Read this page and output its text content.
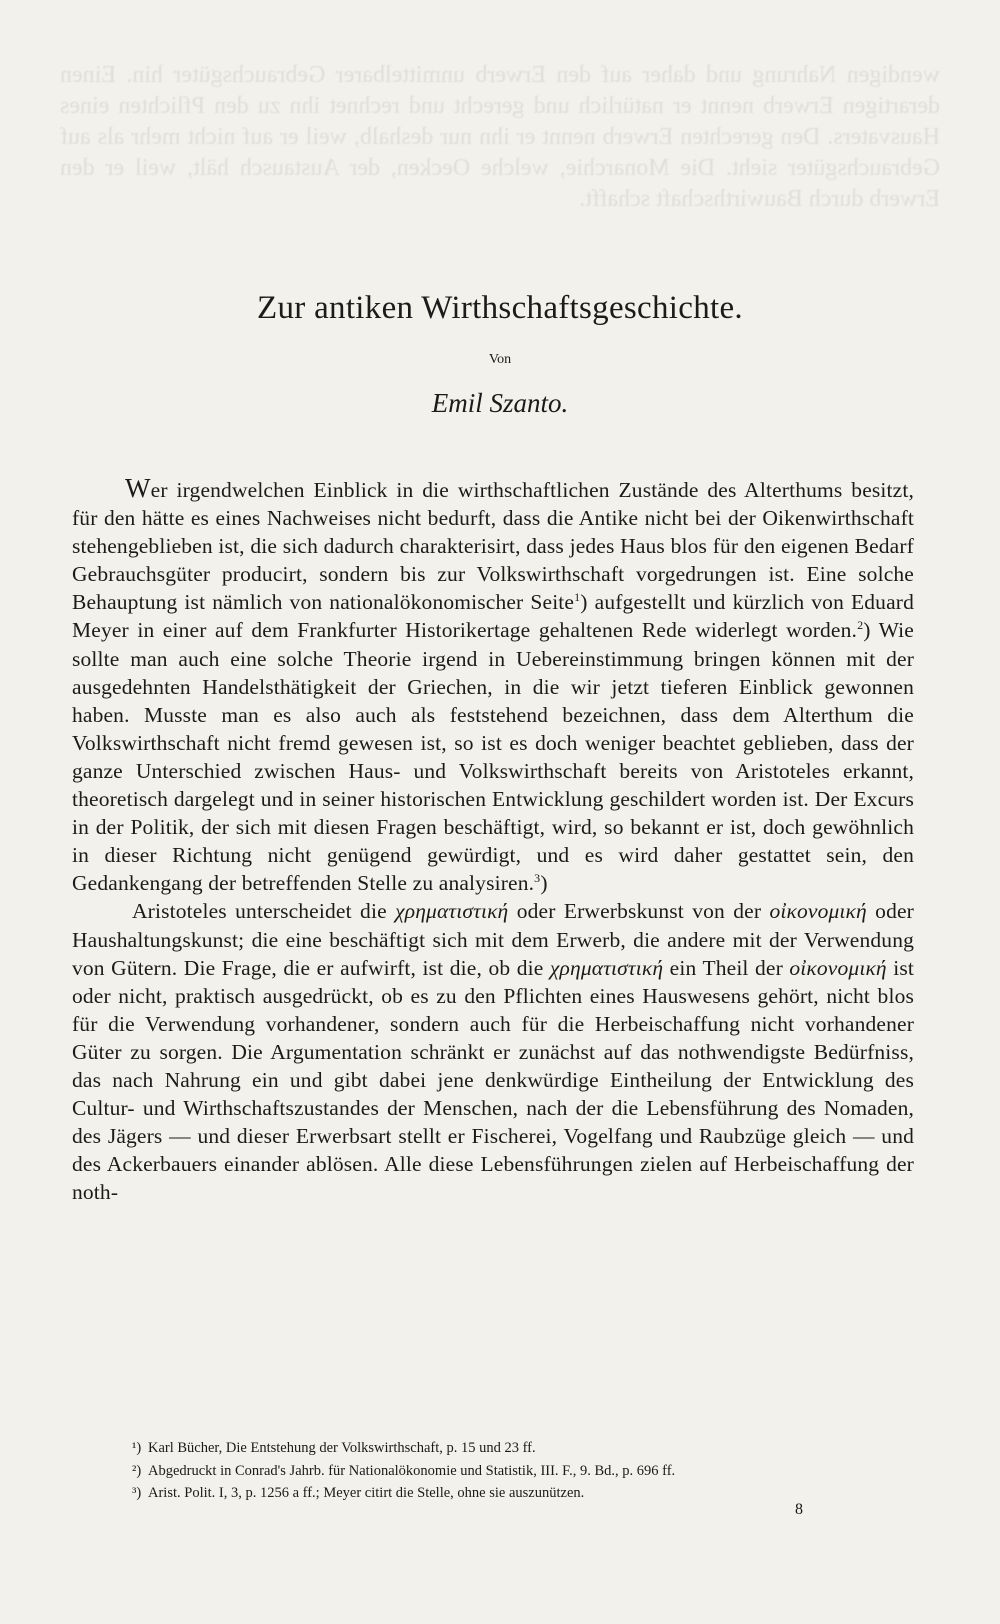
wendigen Nahrung und daher auf den Erwerb unmittelbarer Gebrauchsgüter hin. Einen derartigen Erwerb nennt er natürlich und gerecht und rechnet ihn zu den Pflichten eines Hausvaters. Den gerechten Erwerb nennt er ihn nur deshalb, weil er auf nicht mehr als auf Gebrauchsgüter sieht. Die Monarchie, welche Oecken, der Austausch hält, weil er den Erwerb durch Bauwirthschaft schafft.
Zur antiken Wirthschaftsgeschichte.
Von
Emil Szanto.

Wer irgendwelchen Einblick in die wirthschaftlichen Zustände des Alterthums besitzt, für den hätte es eines Nachweises nicht bedurft, dass die Antike nicht bei der Oikenwirthschaft stehengeblieben ist, die sich dadurch charakterisirt, dass jedes Haus blos für den eigenen Bedarf Gebrauchsgüter producirt, sondern bis zur Volkswirthschaft vorgedrungen ist. Eine solche Behauptung ist nämlich von nationalökonomischer Seite$^1$) aufgestellt und kürzlich von Eduard Meyer in einer auf dem Frankfurter Historikertage gehaltenen Rede widerlegt worden.$^2$) Wie sollte man auch eine solche Theorie irgend in Uebereinstimmung bringen können mit der ausgedehnten Handelsthätigkeit der Griechen, in die wir jetzt tieferen Einblick gewonnen haben. Musste man es also auch als feststehend bezeichnen, dass dem Alterthum die Volkswirthschaft nicht fremd gewesen ist, so ist es doch weniger beachtet geblieben, dass der ganze Unterschied zwischen Haus- und Volkswirthschaft bereits von Aristoteles erkannt, theoretisch dargelegt und in seiner historischen Entwicklung geschildert worden ist. Der Excurs in der Politik, der sich mit diesen Fragen beschäftigt, wird, so bekannt er ist, doch gewöhnlich in dieser Richtung nicht genügend gewürdigt, und es wird daher gestattet sein, den Gedankengang der betreffenden Stelle zu analysiren.$^3$)

Aristoteles unterscheidet die χρηματιστική oder Erwerbskunst von der οἰκονομική oder Haushaltungskunst; die eine beschäftigt sich mit dem Erwerb, die andere mit der Verwendung von Gütern. Die Frage, die er aufwirft, ist die, ob die χρηματιστική ein Theil der οἰκονομική ist oder nicht, praktisch ausgedrückt, ob es zu den Pflichten eines Hauswesens gehört, nicht blos für die Verwendung vorhandener, sondern auch für die Herbeischaffung nicht vorhandener Güter zu sorgen. Die Argumentation schränkt er zunächst auf das nothwendigste Bedürfniss, das nach Nahrung ein und gibt dabei jene denkwürdige Eintheilung der Entwicklung des Cultur- und Wirthschaftszustandes der Menschen, nach der die Lebensführung des Nomaden, des Jägers — und dieser Erwerbsart stellt er Fischerei, Vogelfang und Raubzüge gleich — und des Ackerbauers einander ablösen. Alle diese Lebensführungen zielen auf Herbeischaffung der noth-

¹) Karl Bücher, Die Entstehung der Volkswirthschaft, p. 15 und 23 ff.
²) Abgedruckt in Conrad's Jahrb. für Nationalökonomie und Statistik, III. F., 9. Bd., p. 696 ff.
³) Arist. Polit. I, 3, p. 1256 a ff.; Meyer citirt die Stelle, ohne sie auszunützen.
8
